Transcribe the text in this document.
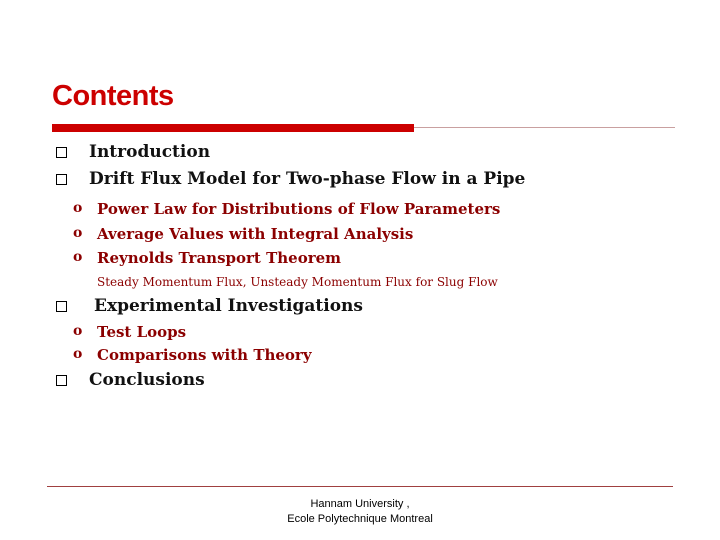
Contents
Introduction
Drift Flux Model for Two-phase Flow in a Pipe
o Power Law for Distributions of Flow Parameters
o Average Values with Integral Analysis
o Reynolds Transport Theorem
Steady Momentum Flux, Unsteady Momentum Flux for Slug Flow
Experimental Investigations
o Test Loops
o Comparisons with Theory
Conclusions
Hannam University ,
Ecole Polytechnique Montreal
